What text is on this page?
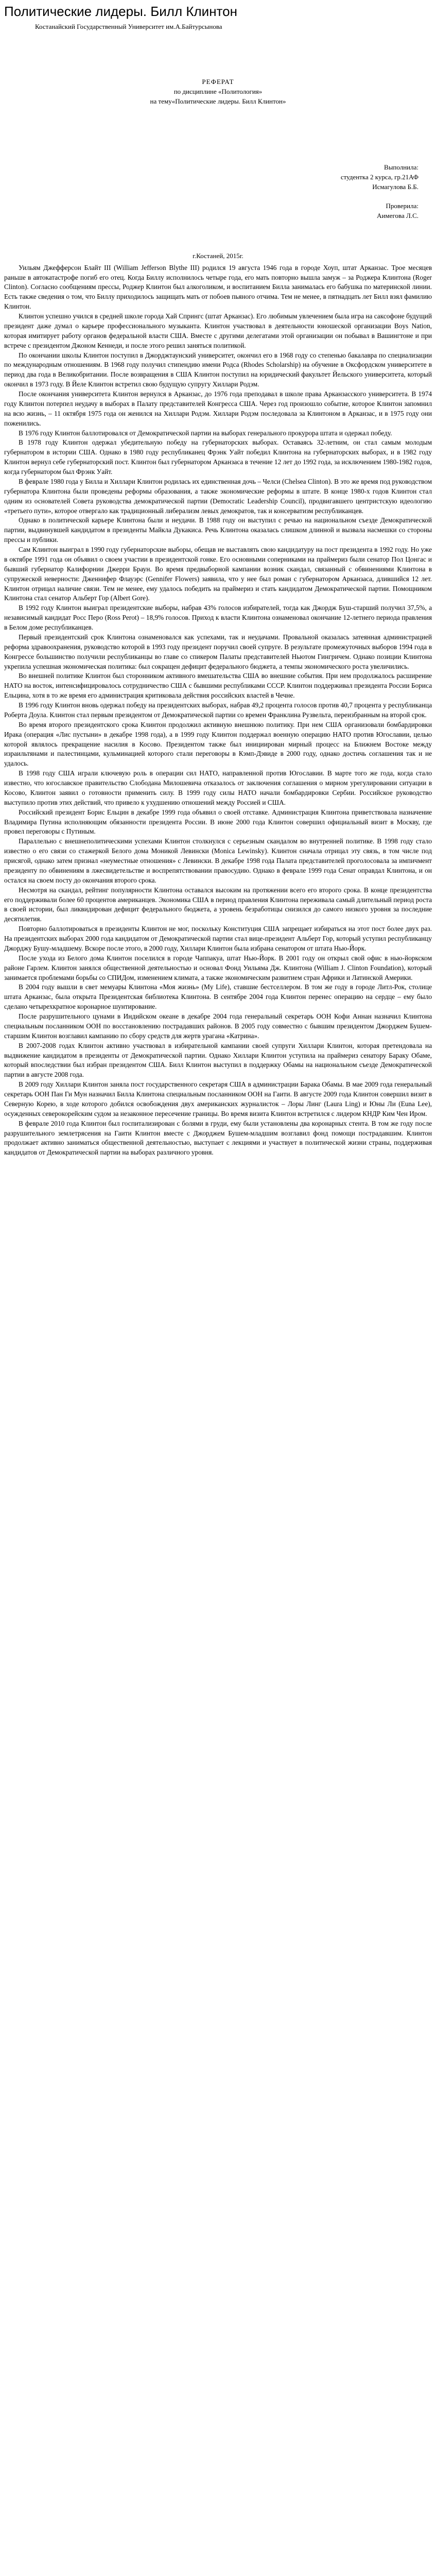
Политические лидеры. Билл Клинтон
Костанайский Государственный Университет им.А.Байтурсынова
РЕФЕРАТ
по дисциплине «Политология»
на тему«Политические лидеры. Билл Клинтон»
Выполнила:
студентка 2 курса, гр.21АФ
Исмагулова Б.Б.
Проверила:
Аимегова Л.С.
г.Костаней, 2015г.

Уильям Джефферсон Блайт III (William Jefferson Blythe III) родился 19 августа 1946 года в городе Хоуп, штат Арканзас. Трое месяцев раньше в автокатастрофе погиб его отец. Когда Биллу исполнилось четыре года, его мать повторно вышла замуж – за Роджера Клинтона (Roger Clinton). Согласно сообщениям прессы, Роджер Клинтон был алкоголиком, и воспитанием Билла занималась его бабушка по материнской линии. Есть также сведения о том, что Биллу приходилось защищать мать от побоев пьяного отчима. Тем не менее, в пятнадцать лет Билл взял фамилию Клинтон.

Клинтон успешно учился в средней школе города Хай Спрингс (штат Арканзас). Его любимым увлечением была игра на саксофоне будущий президент даже думал о карьере профессионального музыканта. Клинтон участвовал в деятельности юношеской организации Boys Nation, которая имитирует работу органов федеральной власти США. Вместе с другими делегатами этой организации он побывал в Вашингтоне и при встрече с президентом Джоном Кеннеди, и после этого решил заняться политикой.

По окончании школы Клинтон поступил в Джорджтаунский университет, окончил его в 1968 году со степенью бакалавра по специализации по международным отношениям. В 1968 году получил стипендию имени Родса (Rhodes Scholarship) на обучение в Оксфордском университете в период два года в Великобритании. После возвращения в США Клинтон поступил на юридический факультет Йельского университета, который окончил в 1973 году. В Йеле Клинтон встретил свою будущую супругу Хиллари Родэм.

После окончания университета Клинтон вернулся в Арканзас, до 1976 года преподавал в школе права Арканзасского университета. В 1974 году Клинтон потерпел неудачу в выборах в Палату представителей Конгресса США. Через год произошло событие, которое Клинтон запомнил на всю жизнь, – 11 октября 1975 года он женился на Хиллари Родэм. Хиллари Родэм последовала за Клинтоном в Арканзас, и в 1975 году они поженились.

В 1976 году Клинтон баллотировался от Демократической партии на выборах генерального прокурора штата и одержал победу.

В 1978 году Клинтон одержал убедительную победу на губернаторских выборах. Оставаясь 32-летним, он стал самым молодым губернатором в истории США. Однако в 1980 году республиканец Фрэнк Уайт победил Клинтона на губернаторских выборах, и в 1982 году Клинтон вернул себе губернаторский пост. Клинтон был губернатором Арканзаса в течение 12 лет до 1992 года, за исключением 1980-1982 годов, когда губернатором был Фрэнк Уайт.

В феврале 1980 года у Билла и Хиллари Клинтон родилась их единственная дочь – Челси (Chelsea Clinton). В это же время под руководством губернатора Клинтона были проведены реформы образования, а также экономические реформы в штате. В конце 1980-х годов Клинтон стал одним из основателей Совета руководства демократической партии (Democratic Leadership Council), продвигавшего центристскую идеологию «третьего пути», которое отвергало как традиционный либерализм левых демократов, так и консерватизм республиканцев.

Однако в политической карьере Клинтона были и неудачи. В 1988 году он выступил с речью на национальном съезде Демократической партии, выдвинувшей кандидатом в президенты Майкла Дукакиса. Речь Клинтона оказалась слишком длинной и вызвала насмешки со стороны прессы и публики.

Сам Клинтон выиграл в 1990 году губернаторские выборы, обещав не выставлять свою кандидатуру на пост президента в 1992 году. Но уже в октябре 1991 года он объявил о своем участии в президентской гонке. Его основными соперниками на праймериз были сенатор Пол Цонгас и бывший губернатор Калифорнии Джерри Браун. Во время предвыборной кампании возник скандал, связанный с обвинениями Клинтона в супружеской неверности: Дженнифер Флауэрс (Gennifer Flowers) заявила, что у нее был роман с губернатором Арканзаса, длившийся 12 лет. Клинтон отрицал наличие связи. Тем не менее, ему удалось победить на праймериз и стать кандидатом Демократической партии. Помощником Клинтона стал сенатор Альберт Гор (Albert Gore).

В 1992 году Клинтон выиграл президентские выборы, набрав 43% голосов избирателей, тогда как Джордж Буш-старший получил 37,5%, а независимый кандидат Росс Перо (Ross Perot) – 18,9% голосов. Приход к власти Клинтона ознаменовал окончание 12-летнего периода правления в Белом доме республиканцев.

Первый президентский срок Клинтона ознаменовался как успехами, так и неудачами. Провальной оказалась затеянная администрацией реформа здравоохранения, руководство которой в 1993 году президент поручил своей супруге. В результате промежуточных выборов 1994 года в Конгрессе большинство получили республиканцы во главе со спикером Палаты представителей Ньютом Гингричем. Однако позиции Клинтона укрепила успешная экономическая политика: был сокращен дефицит федерального бюджета, а темпы экономического роста увеличились.

Во внешней политике Клинтон был сторонником активного вмешательства США во внешние события. При нем продолжалось расширение НАТО на восток, интенсифицировалось сотрудничество США с бывшими республиками СССР. Клинтон поддерживал президента России Бориса Ельцина, хотя в то же время его администрация критиковала действия российских властей в Чечне.

В 1996 году Клинтон вновь одержал победу на президентских выборах, набрав 49,2 процента голосов против 40,7 процента у республиканца Роберта Доула. Клинтон стал первым президентом от Демократической партии со времен Франклина Рузвельта, переизбранным на второй срок.

Во время второго президентского срока Клинтон продолжил активную внешнюю политику. При нем США организовали бомбардировки Ирака (операция «Лис пустыни» в декабре 1998 года), а в 1999 году Клинтон поддержал военную операцию НАТО против Югославии, целью которой являлось прекращение насилия в Косово. Президентом также был инициирован мирный процесс на Ближнем Востоке между израильтянами и палестинцами, кульминацией которого стали переговоры в Кэмп-Дэвиде в 2000 году, однако достичь соглашения так и не удалось.

В 1998 году США играли ключевую роль в операции сил НАТО, направленной против Югославии. В марте того же года, когда стало известно, что югославское правительство Слободана Милошевича отказалось от заключения соглашения о мирном урегулировании ситуации в Косово, Клинтон заявил о готовности применить силу. В 1999 году силы НАТО начали бомбардировки Сербии. Российское руководство выступило против этих действий, что привело к ухудшению отношений между Россией и США.

Российский президент Борис Ельцин в декабре 1999 года объявил о своей отставке. Администрация Клинтона приветствовала назначение Владимира Путина исполняющим обязанности президента России. В июне 2000 года Клинтон совершил официальный визит в Москву, где провел переговоры с Путиным.

Параллельно с внешнеполитическими успехами Клинтон столкнулся с серьезным скандалом во внутренней политике. В 1998 году стало известно о его связи со стажеркой Белого дома Моникой Левински (Monica Lewinsky). Клинтон сначала отрицал эту связь, в том числе под присягой, однако затем признал «неуместные отношения» с Левински. В декабре 1998 года Палата представителей проголосовала за импичмент президенту по обвинениям в лжесвидетельстве и воспрепятствовании правосудию. Однако в феврале 1999 года Сенат оправдал Клинтона, и он остался на своем посту до окончания второго срока.

Несмотря на скандал, рейтинг популярности Клинтона оставался высоким на протяжении всего его второго срока. В конце президентства его поддерживали более 60 процентов американцев. Экономика США в период правления Клинтона переживала самый длительный период роста в своей истории, был ликвидирован дефицит федерального бюджета, а уровень безработицы снизился до самого низкого уровня за последние десятилетия.

Повторно баллотироваться в президенты Клинтон не мог, поскольку Конституция США запрещает избираться на этот пост более двух раз. На президентских выборах 2000 года кандидатом от Демократической партии стал вице-президент Альберт Гор, который уступил республиканцу Джорджу Бушу-младшему. Вскоре после этого, в 2000 году, Хиллари Клинтон была избрана сенатором от штата Нью-Йорк.

После ухода из Белого дома Клинтон поселился в городе Чаппакуа, штат Нью-Йорк. В 2001 году он открыл свой офис в нью-йоркском районе Гарлем. Клинтон занялся общественной деятельностью и основал Фонд Уильяма Дж. Клинтона (William J. Clinton Foundation), который занимается проблемами борьбы со СПИДом, изменением климата, а также экономическим развитием стран Африки и Латинской Америки.

В 2004 году вышли в свет мемуары Клинтона «Моя жизнь» (My Life), ставшие бестселлером. В том же году в городе Литл-Рок, столице штата Арканзас, была открыта Президентская библиотека Клинтона. В сентябре 2004 года Клинтон перенес операцию на сердце – ему было сделано четырехкратное коронарное шунтирование.

После разрушительного цунами в Индийском океане в декабре 2004 года генеральный секретарь ООН Кофи Аннан назначил Клинтона специальным посланником ООН по восстановлению пострадавших районов. В 2005 году совместно с бывшим президентом Джорджем Бушем-старшим Клинтон возглавил кампанию по сбору средств для жертв урагана «Катрина».

В 2007-2008 годах Клинтон активно участвовал в избирательной кампании своей супруги Хиллари Клинтон, которая претендовала на выдвижение кандидатом в президенты от Демократической партии. Однако Хиллари Клинтон уступила на праймериз сенатору Бараку Обаме, который впоследствии был избран президентом США. Билл Клинтон выступил в поддержку Обамы на национальном съезде Демократической партии в августе 2008 года.

В 2009 году Хиллари Клинтон заняла пост государственного секретаря США в администрации Барака Обамы. В мае 2009 года генеральный секретарь ООН Пан Ги Мун назначил Билла Клинтона специальным посланником ООН на Гаити. В августе 2009 года Клинтон совершил визит в Северную Корею, в ходе которого добился освобождения двух американских журналисток – Лоры Линг (Laura Ling) и Юны Ли (Euna Lee), осужденных северокорейским судом за незаконное пересечение границы. Во время визита Клинтон встретился с лидером КНДР Ким Чен Иром.

В феврале 2010 года Клинтон был госпитализирован с болями в груди, ему были установлены два коронарных стента. В том же году после разрушительного землетрясения на Гаити Клинтон вместе с Джорджем Бушем-младшим возглавил фонд помощи пострадавшим. Клинтон продолжает активно заниматься общественной деятельностью, выступает с лекциями и участвует в политической жизни страны, поддерживая кандидатов от Демократической партии на выборах различного уровня.
